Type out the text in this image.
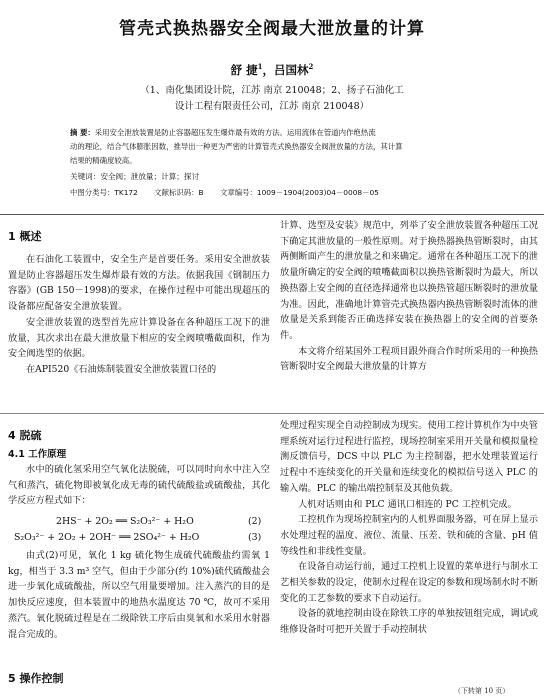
管壳式换热器安全阀最大泄放量的计算
舒 捷$^1$，吕国林$^2$
（1、南化集团设计院，江苏 南京 210048；2、扬子石油化工
设计工程有限责任公司，江苏 南京 210048）
摘 要：采用安全泄放装置是防止容器超压发生爆炸最有效的方法。运用流体在管道内作绝热流
动的理论，结合气体膨胀因数，推导出一种更为严密的计算管壳式换热器安全阀泄放量的方法，其计算
结果的精确度较高。
关键词：安全阀；泄放量；计算；探讨
中图分类号：TK172 文献标识码：B 文章编号：1009－1904(2003)04－0008－05
1 概述

在石油化工装置中，安全生产是首要任务。采用安全泄放装置是防止容器超压发生爆炸最有效的方法。依据我国《钢制压力容器》(GB 150－1998)的要求，在操作过程中可能出现超压的设备都应配备安全泄放装置。

安全泄放装置的选型首先应计算设备在各种超压工况下的泄放量，其次求出在最大泄放量下相应的安全阀喷嘴截面积，作为安全阀选型的依据。

在API520《石油炼制装置安全泄放装置口径的

计算、选型及安装》规范中，列举了安全泄放装置各种超压工况下确定其泄放量的一般性原则。对于换热器换热管断裂时，由其两侧断面产生的泄放量之和来确定。通常在各种超压工况下的泄放量所确定的安全阀的喷嘴截面积以换热管断裂时为最大，所以换热器上安全阀的直径选择通常也以换热管超压断裂时的泄放量为准。因此，准确地计算管壳式换热器内换热管断裂时流体的泄放量是关系到能否正确选择安装在换热器上的安全阀的首要条件。

本文将介绍某国外工程项目跟外商合作时所采用的一种换热管断裂时安全阀最大泄放量的计算方

4 脱硫
4.1 工作原理

水中的硫化氢采用空气氧化法脱硫，可以同时向水中注入空气和蒸汽，硫化物即被氧化成无毒的硫代硫酸盐或硫酸盐，其化学反应方程式如下：

2HS⁻ + 2O₂ ══ S₂O₃²⁻ + H₂O	(2)
S₂O₃²⁻ + 2O₂ + 2OH⁻ ══ 2SO₄²⁻ + H₂O	(3)

由式(2)可见，氧化 1 kg 硫化物生成硫代硫酸盐约需氧 1 kg，相当于 3.3 m³ 空气，但由于少部分(约 10%)硫代硫酸盐会进一步氧化成硫酸盐，所以空气用量要增加。注入蒸汽的目的是加快反应速度，但本装置中的地热水温度达 70 ℃，故可不采用蒸汽。氧化脱硫过程是在二级除铁工序后由臭氧和水采用水射器混合完成的。

5 操作控制

处理过程实现全自动控制成为现实。使用工控计算机作为中央管理系统对运行过程进行监控，现场控制室采用开关量和模拟量检测反馈信号，DCS 中以 PLC 为主控制器，把水处理装置运行过程中不连续变化的开关量和连续变化的模拟信号送入 PLC 的输入端。PLC 的输出端控制泵及其他负载。

人机对话则由和 PLC 通讯口相连的 PC 工控机完成。

工控机作为现场控制室内的人机界面服务器，可在屏上显示水处理过程的温度、液位、流量、压差、铁和硫的含量、pH 值等线性和非线性变量。

在设备自动运行前，通过工控机上设置的菜单进行与制水工艺相关参数的设定，使制水过程在设定的参数和现场制水时不断变化的工艺参数的要求下自动运行。

设备的就地控制由设在除铁工序的单独按钮组完成，调试或维修设备时可把开关置于手动控制状

（下转第 10 页）
